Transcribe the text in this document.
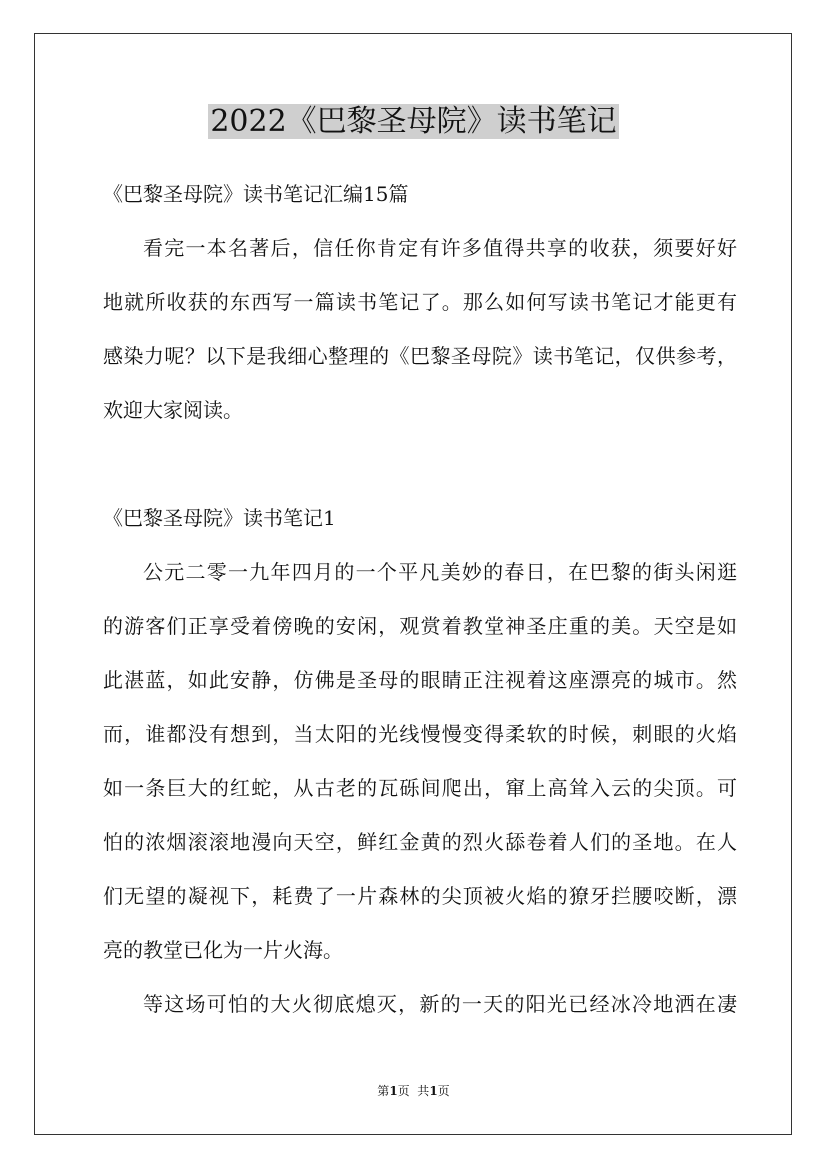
2022《巴黎圣母院》读书笔记

《巴黎圣母院》读书笔记汇编15篇

看完一本名著后，信任你肯定有许多值得共享的收获，须要好好

地就所收获的东西写一篇读书笔记了。那么如何写读书笔记才能更有

感染力呢？以下是我细心整理的《巴黎圣母院》读书笔记，仅供参考，

欢迎大家阅读。

《巴黎圣母院》读书笔记1

公元二零一九年四月的一个平凡美妙的春日，在巴黎的街头闲逛

的游客们正享受着傍晚的安闲，观赏着教堂神圣庄重的美。天空是如

此湛蓝，如此安静，仿佛是圣母的眼睛正注视着这座漂亮的城市。然

而，谁都没有想到，当太阳的光线慢慢变得柔软的时候，刺眼的火焰

如一条巨大的红蛇，从古老的瓦砾间爬出，窜上高耸入云的尖顶。可

怕的浓烟滚滚地漫向天空，鲜红金黄的烈火舔卷着人们的圣地。在人

们无望的凝视下，耗费了一片森林的尖顶被火焰的獠牙拦腰咬断，漂

亮的教堂已化为一片火海。

等这场可怕的大火彻底熄灭，新的一天的阳光已经冰冷地洒在凄

第1页  共1页
